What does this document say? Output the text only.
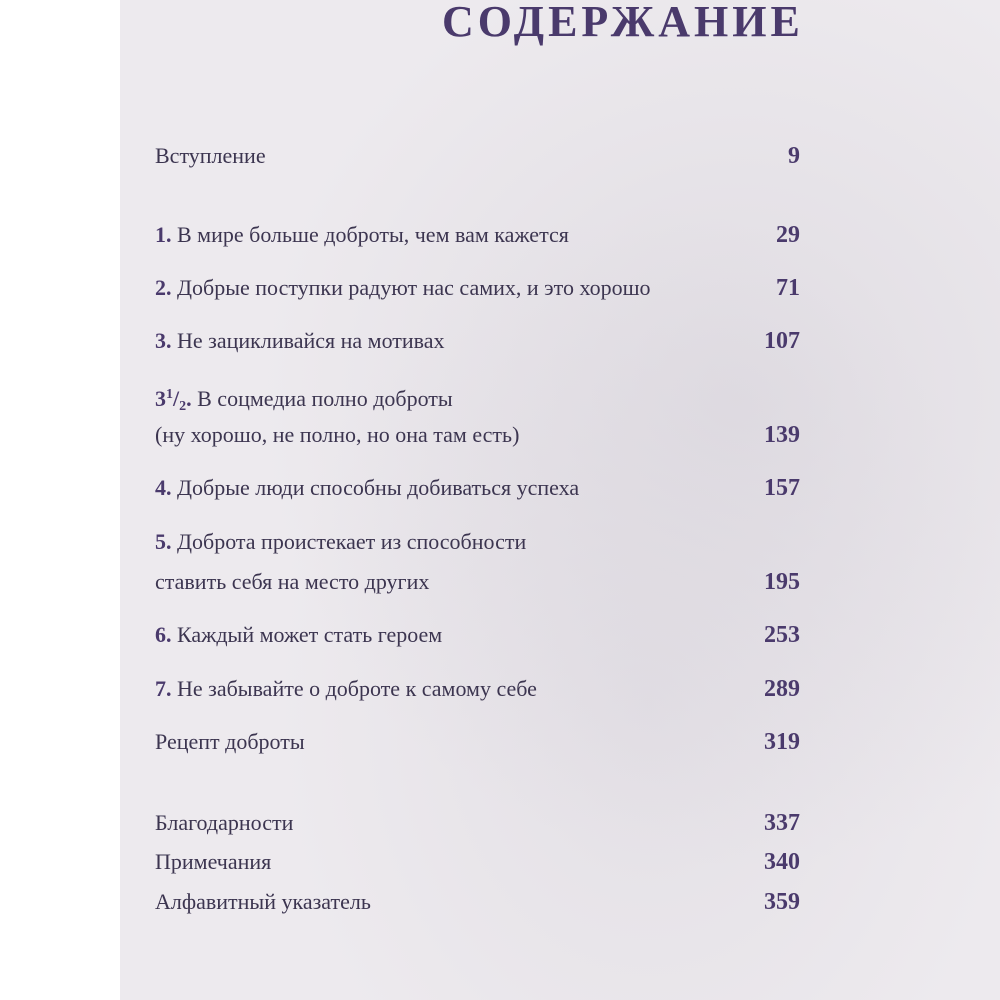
СОДЕРЖАНИЕ
Вступление	9
1. В мире больше доброты, чем вам кажется	29
2. Добрые поступки радуют нас самих, и это хорошо	71
3. Не зацикливайся на мотивах	107
$3^1/_2$. В соцмедиа полно доброты
(ну хорошо, не полно, но она там есть)	139
4. Добрые люди способны добиваться успеха	157
5. Доброта проистекает из способности
ставить себя на место других	195
6. Каждый может стать героем	253
7. Не забывайте о доброте к самому себе	289
Рецепт доброты	319
Благодарности	337
Примечания	340
Алфавитный указатель	359
